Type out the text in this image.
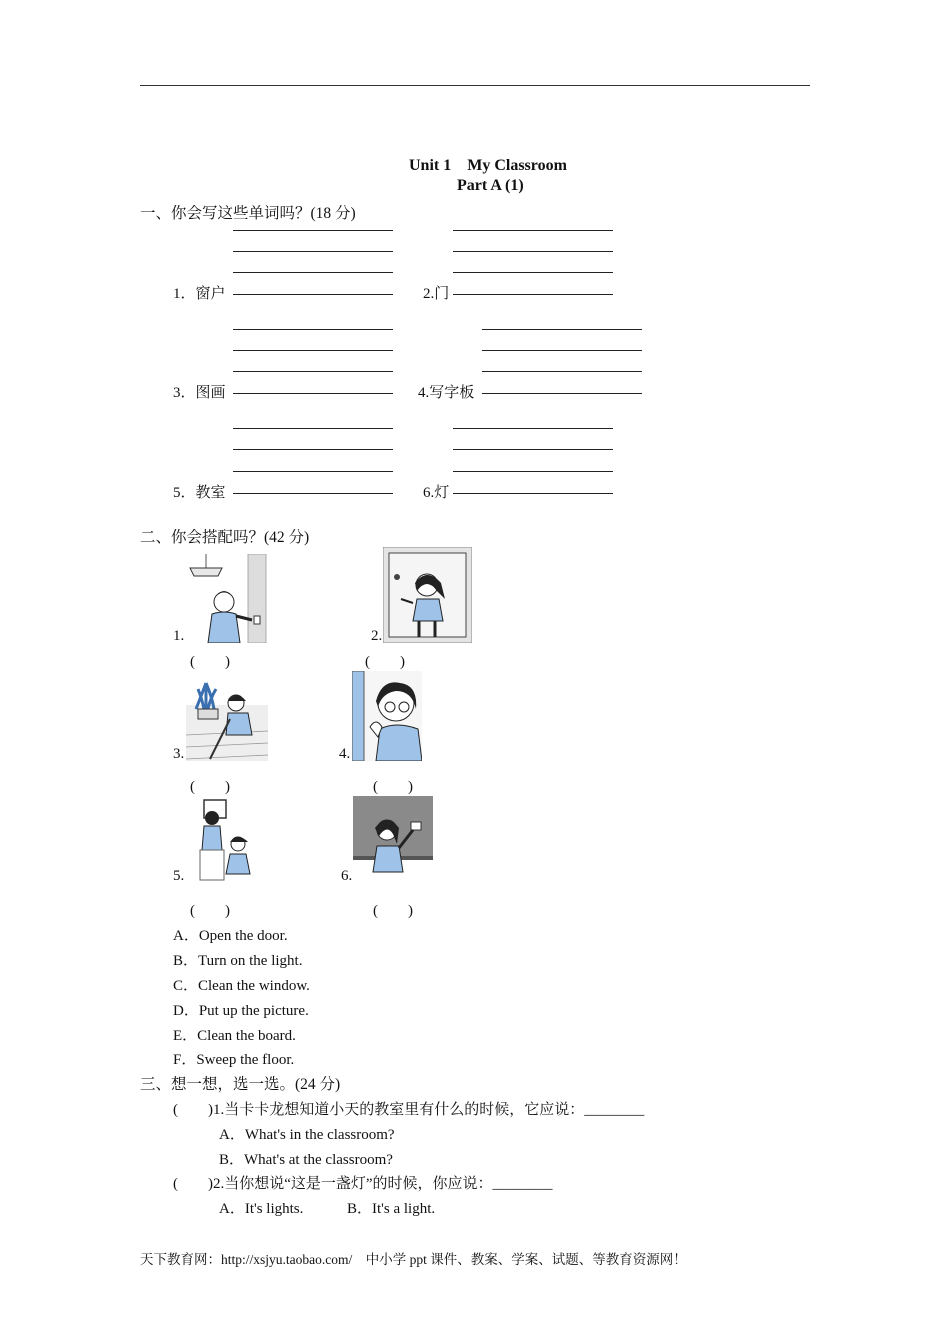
Unit 1　My Classroom
Part A (1)
一、你会写这些单词吗？(18 分)
1．窗户	2.门
3．图画	4.写字板
5．教室	6.灯
二、你会搭配吗？(42 分)
1.
(　　)
2.
(　　)
3.
(　　)
4.
(　　)
5.
(　　)
6.
(　　)
A．Open the door.
B．Turn on the light.
C．Clean the window.
D．Put up the picture.
E．Clean the board.
F．Sweep the floor.
三、想一想，选一选。(24 分)
(　　)1.当卡卡龙想知道小天的教室里有什么的时候，它应说：________
A．What's in the classroom?
B．What's at the classroom?
(　　)2.当你想说“这是一盏灯”的时候，你应说：________
A．It's lights.	B．It's a light.
天下教育网：http://xsjyu.taobao.com/　中小学 ppt 课件、教案、学案、试题、等教育资源网！
